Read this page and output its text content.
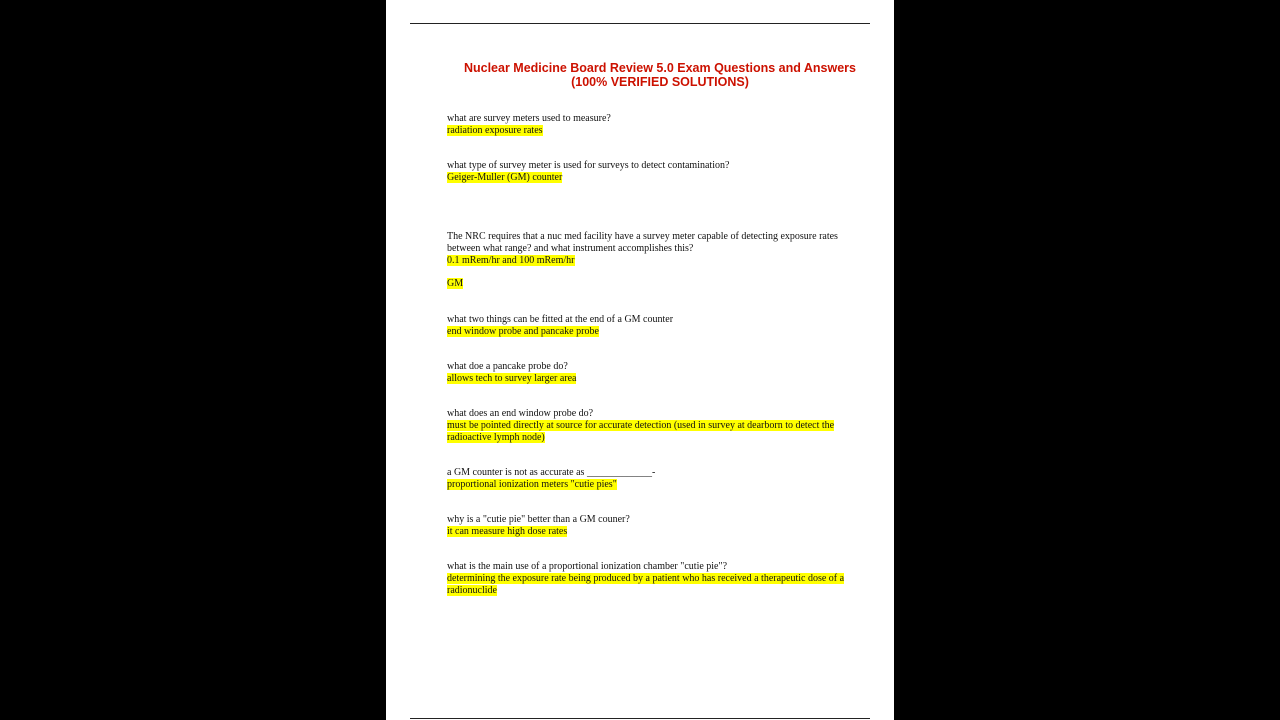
Nuclear Medicine Board Review 5.0 Exam Questions and Answers
(100% VERIFIED SOLUTIONS)
what are survey meters used to measure?
radiation exposure rates
what type of survey meter is used for surveys to detect contamination?
Geiger-Muller (GM) counter
The NRC requires that a nuc med facility have a survey meter capable of detecting exposure rates between what range? and what instrument accomplishes this?
0.1 mRem/hr and 100 mRem/hr
GM
what two things can be fitted at the end of a GM counter
end window probe and pancake probe
what doe a pancake probe do?
allows tech to survey larger area
what does an end window probe do?
must be pointed directly at source for accurate detection (used in survey at dearborn to detect the radioactive lymph node)
a GM counter is not as accurate as _____________-
proportional ionization meters "cutie pies"
why is a "cutie pie" better than a GM couner?
it can measure high dose rates
what is the main use of a proportional ionization chamber "cutie pie"?
determining the exposure rate being produced by a patient who has received a therapeutic dose of a radionuclide
